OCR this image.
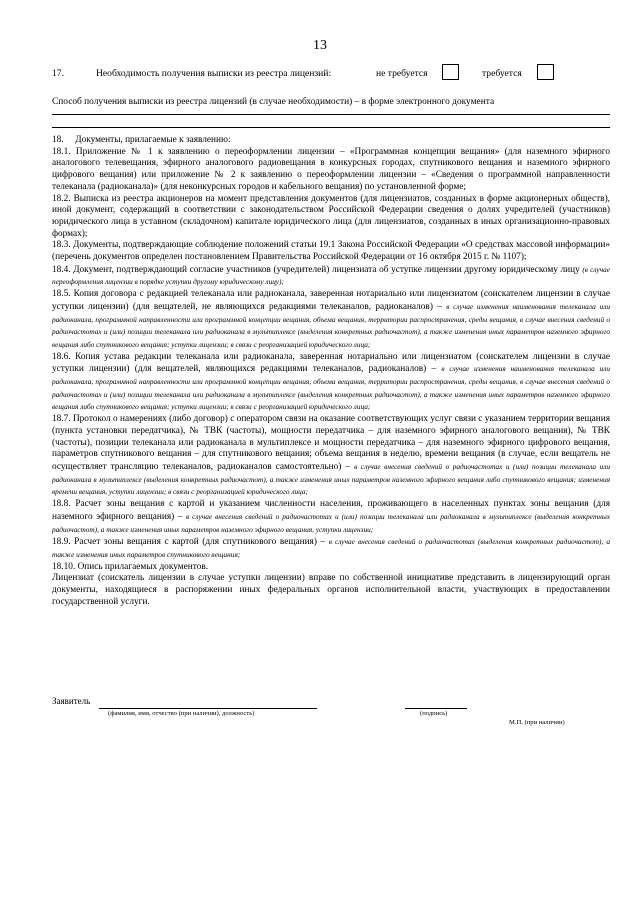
13
17.	Необходимость получения выписки из реестра лицензий:	не требуется	требуется
Способ получения выписки из реестра лицензий (в случае необходимости) – в форме электронного документа

18.     Документы, прилагаемые к заявлению:

18.1. Приложение № 1 к заявлению о переоформлении лицензии – «Программная концепция вещания» (для наземного эфирного аналогового телевещания, эфирного аналогового радиовещания в конкурсных городах, спутникового вещания и наземного эфирного цифрового вещания) или приложение № 2 к заявлению о переоформлении лицензии – «Сведения о программной направленности телеканала (радиоканала)» (для неконкурсных городов и кабельного вещания) по установленной форме;

18.2. Выписка из реестра акционеров на момент представления документов (для лицензиатов, созданных в форме акционерных обществ), иной документ, содержащий в соответствии с законодательством Российской Федерации сведения о долях учредителей (участников) юридического лица в уставном (складочном) капитале юридического лица (для лицензиатов, созданных в иных организационно-правовых формах);

18.3. Документы, подтверждающие соблюдение положений статьи 19.1 Закона Российской Федерации «О средствах массовой информации» (перечень документов определен постановлением Правительства Российской Федерации от 16 октября 2015 г. № 1107);

18.4. Документ, подтверждающий согласие участников (учредителей) лицензиата об уступке лицензии другому юридическому лицу (в случае переоформления лицензии в порядке уступки другому юридическому лицу);

18.5. Копия договора с редакцией телеканала или радиоканала, заверенная нотариально или лицензиатом (соискателем лицензии в случае уступки лицензии) (для вещателей, не являющихся редакциями телеканалов, радиоканалов) – в случае изменения наименования телеканала или радиоканала, программной направленности или программной концепции вещания, объема вещания, территории распространения, среды вещания, в случае внесения сведений о радиочастотах и (или) позиции телеканала или радиоканала в мультиплексе (выделения конкретных радиочастот), а также изменения иных параметров наземного эфирного вещания либо спутникового вещания; уступки лицензии; в связи с реорганизацией юридического лица;

18.6. Копия устава редакции телеканала или радиоканала, заверенная нотариально или лицензиатом (соискателем лицензии в случае уступки лицензии) (для вещателей, являющихся редакциями телеканалов, радиоканалов) – в случае изменения наименования телеканала или радиоканала, программной направленности или программной концепции вещания, объема вещания, территории распространения, среды вещания, в случае внесения сведений о радиочастотах и (или) позиции телеканала или радиоканала в мультиплексе (выделения конкретных радиочастот), а также изменения иных параметров наземного эфирного вещания либо спутникового вещания; уступки лицензии; в связи с реорганизацией юридического лица;

18.7. Протокол о намерениях (либо договор) с оператором связи на оказание соответствующих услуг связи с указанием территории вещания (пункта установки передатчика), № ТВК (частоты), мощности передатчика – для наземного эфирного аналогового вещания), № ТВК (частоты), позиции телеканала или радиоканала в мультиплексе и мощности передатчика – для наземного эфирного цифрового вещания, параметров спутникового вещания – для спутникового вещания; объема вещания в неделю, времени вещания (в случае, если вещатель не осуществляет трансляцию телеканалов, радиоканалов самостоятельно) – в случае внесения сведений о радиочастотах и (или) позиции телеканала или радиоканала в мультиплексе (выделения конкретных радиочастот), а также изменения иных параметров наземного эфирного вещания либо спутникового вещания; изменения времени вещания, уступки лицензии; в связи с реорганизацией юридического лица;

18.8. Расчет зоны вещания с картой и указанием численности населения, проживающего в населенных пунктах зоны вещания (для наземного эфирного вещания) – в случае внесения сведений о радиочастотах и (или) позиции телеканала или радиоканала в мультиплексе (выделения конкретных радиочастот), а также изменения иных параметров наземного эфирного вещания, уступки лицензии;

18.9. Расчет зоны вещания с картой (для спутникового вещания) – в случае внесения сведений о радиочастотах (выделения конкретных радиочастот), а также изменения иных параметров спутникового вещания;

18.10. Опись прилагаемых документов.

Лицензиат (соискатель лицензии в случае уступки лицензии) вправе по собственной инициативе представить в лицензирующий орган документы, находящиеся в распоряжении иных федеральных органов исполнительной власти, участвующих в предоставлении государственной услуги.

Заявитель
(фамилия, имя, отчество (при наличии), должность)	(подпись)
М.П. (при наличии)
